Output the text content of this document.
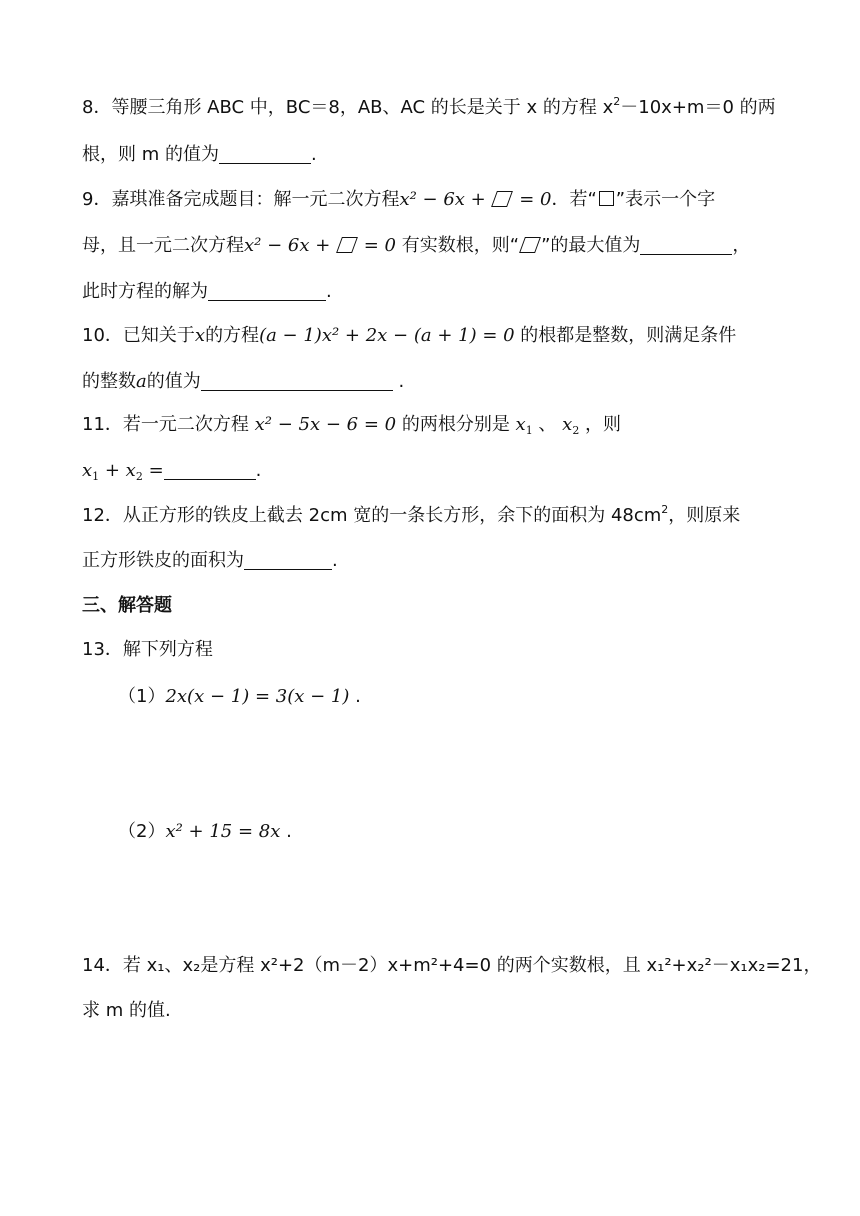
8．等腰三角形 ABC 中，BC＝8，AB、AC 的长是关于 x 的方程 $x^2-10x+m=0$ 的两
根，则 m 的值为	.
9．嘉琪准备完成题目：解一元二次方程x² − 6x +  = 0．若“ ”表示一个字
母，且一元二次方程x² − 6x +  = 0 有实数根，则“ ”的最大值为	，
此时方程的解为	.
10．已知关于x的方程(a − 1)x² + 2x − (a + 1) = 0 的根都是整数，则满足条件
的整数a的值为	.
11．若一元二次方程 x² − 5x − 6 = 0 的两根分别是 $x_1$ 、 $x_2$ ，则
$x_1 + x_2$ =	.
12．从正方形的铁皮上截去 2cm 宽的一条长方形，余下的面积为 $48cm^2$，则原来
正方形铁皮的面积为	.
三、解答题
13．解下列方程
（1）2x(x − 1) = 3(x − 1) .
（2）x² + 15 = 8x .
14．若 x₁、x₂是方程 x²+2（m－2）x+m²+4=0 的两个实数根，且 x₁²+x₂²－x₁x₂=21，
求 m 的值.
